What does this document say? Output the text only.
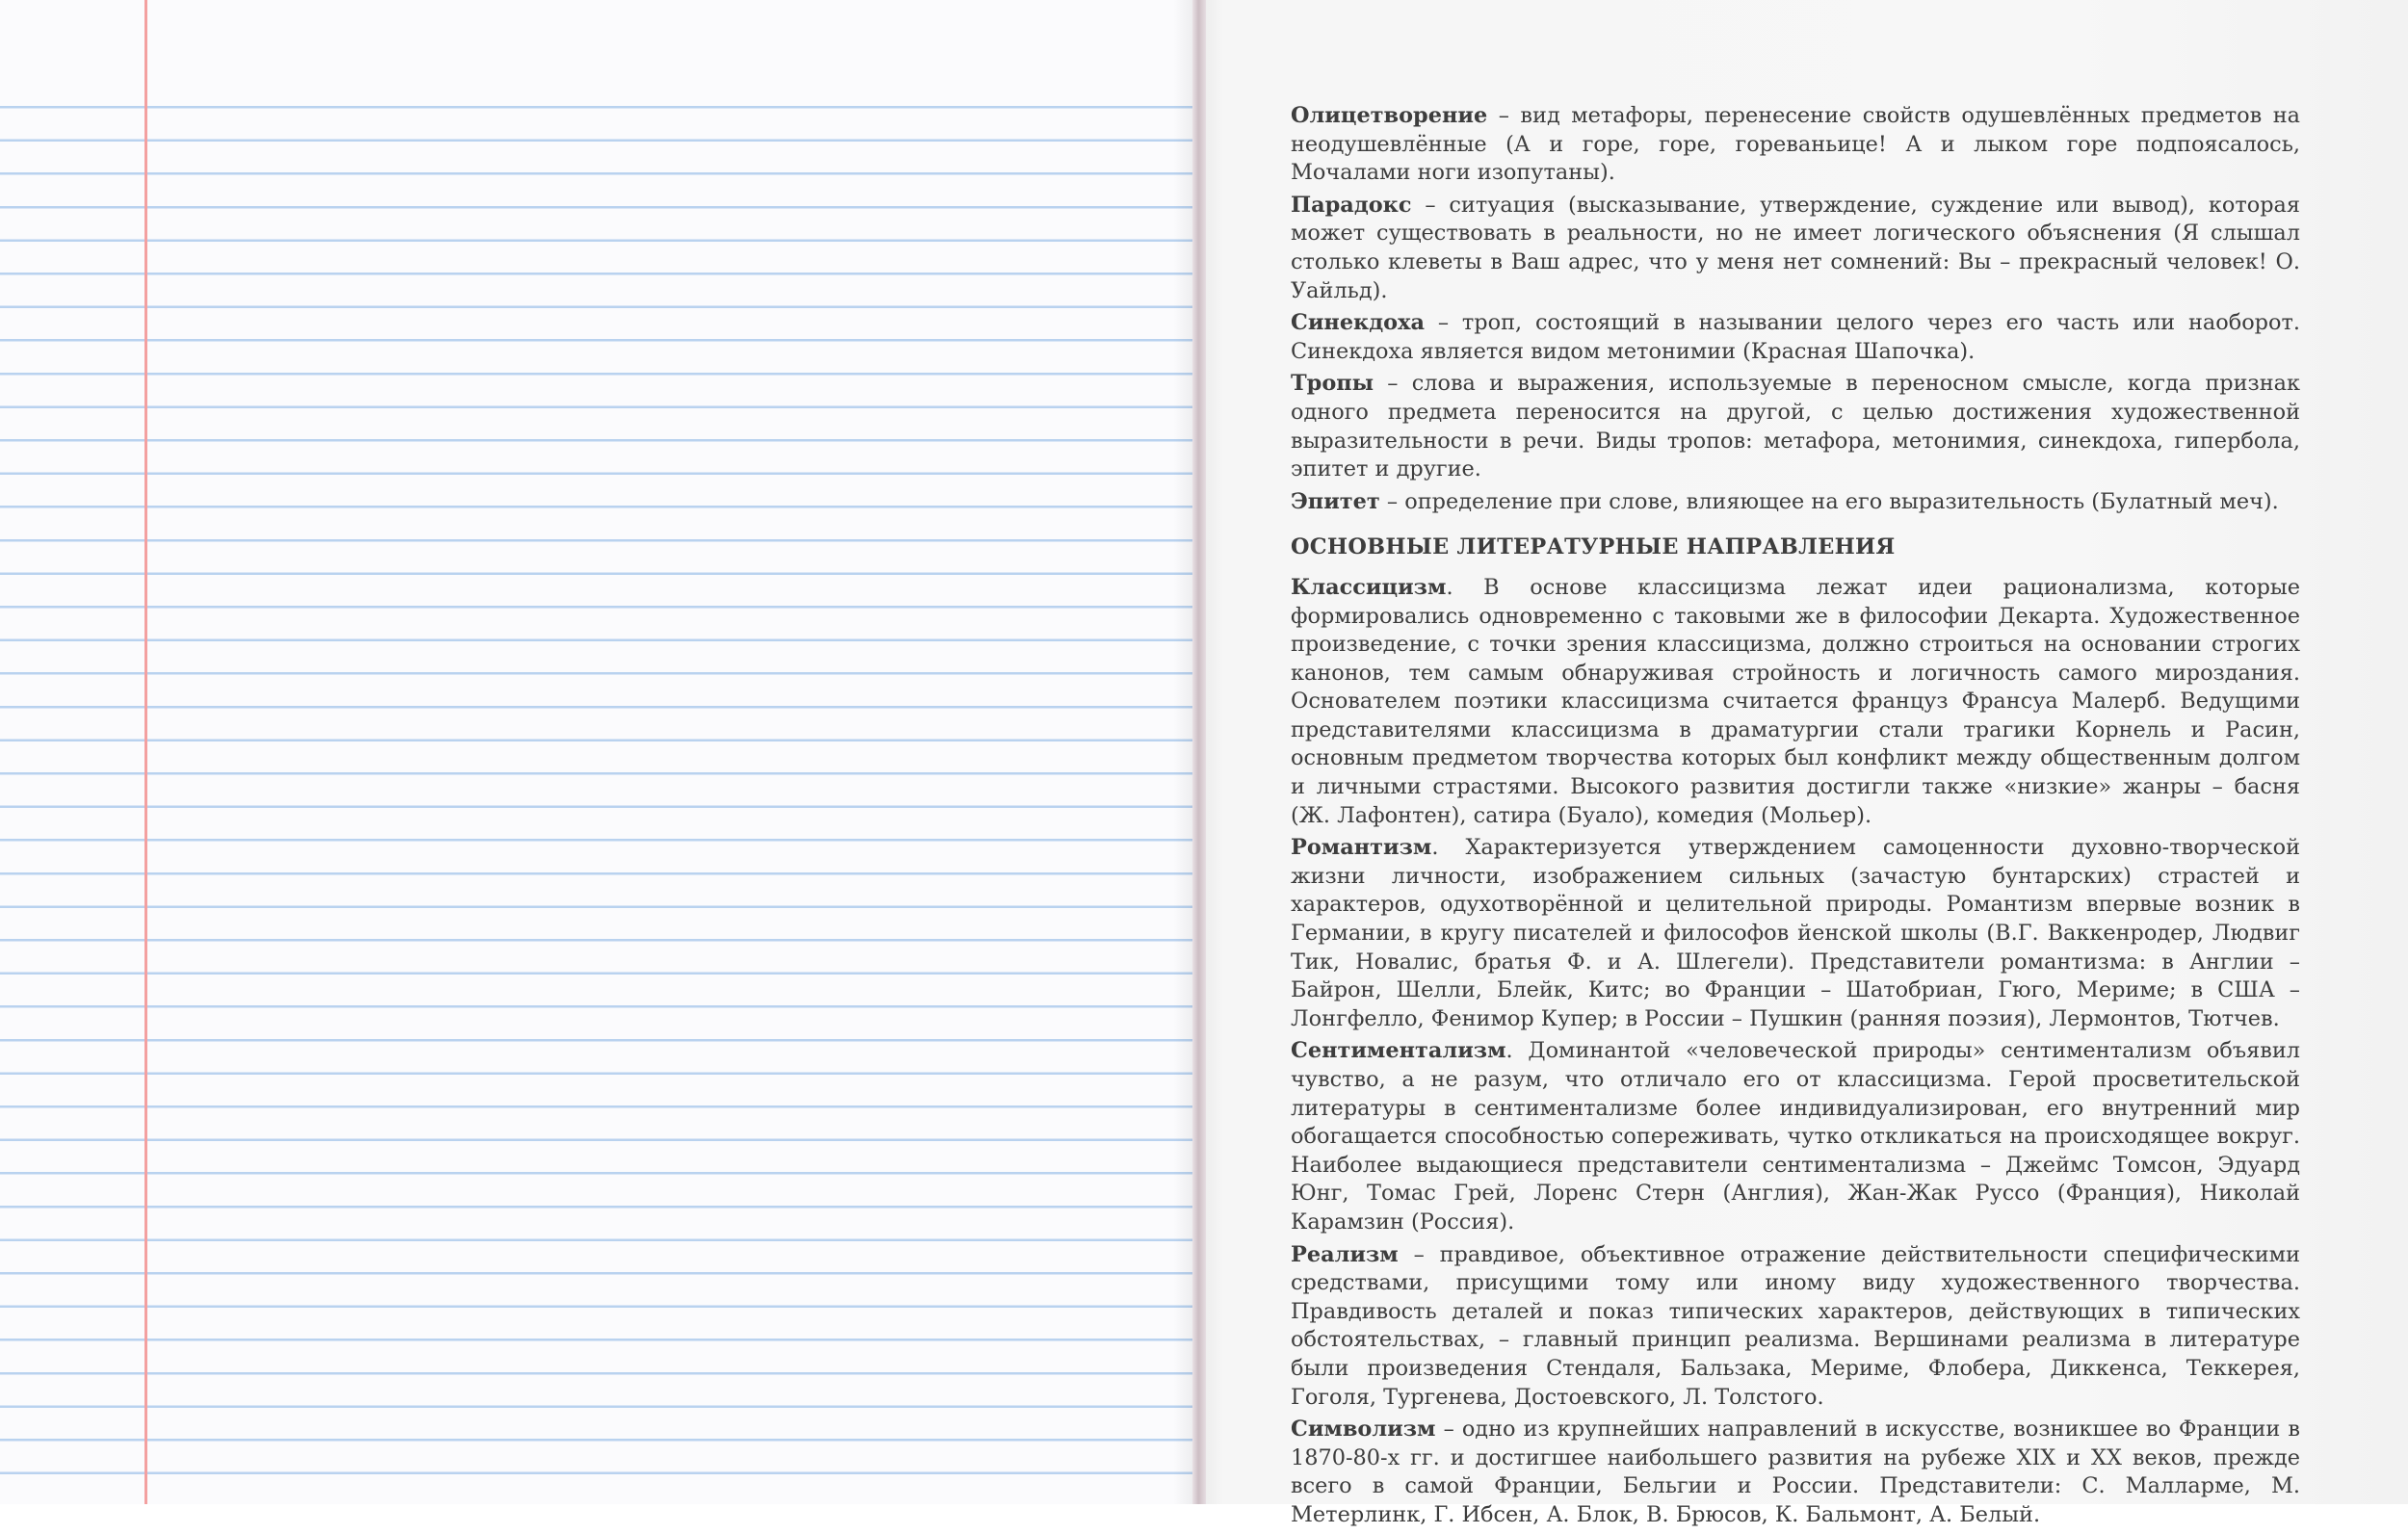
Олицетворение – вид метафоры, перенесение свойств одушевлённых предметов на неодушевлённые (А и горе, горе, гореваньице! А и лыком горе подпоясалось, Мочалами ноги изопутаны).

Парадокс – ситуация (высказывание, утверждение, суждение или вывод), которая может существовать в реальности, но не имеет логического объяснения (Я слышал столько клеветы в Ваш адрес, что у меня нет сомнений: Вы – прекрасный человек! О. Уайльд).

Синекдоха – троп, состоящий в назывании целого через его часть или наоборот. Синекдоха является видом метонимии (Красная Шапочка).

Тропы – слова и выражения, используемые в переносном смысле, когда признак одного предмета переносится на другой, с целью достижения художественной выразительности в речи. Виды тропов: метафора, метонимия, синекдоха, гипербола, эпитет и другие.

Эпитет – определение при слове, влияющее на его выразительность (Булатный меч).

ОСНОВНЫЕ ЛИТЕРАТУРНЫЕ НАПРАВЛЕНИЯ

Классицизм. В основе классицизма лежат идеи рационализма, которые формировались одновременно с таковыми же в философии Декарта. Художественное произведение, с точки зрения классицизма, должно строиться на основании строгих канонов, тем самым обнаруживая стройность и логичность самого мироздания. Основателем поэтики классицизма считается француз Франсуа Малерб. Ведущими представителями классицизма в драматургии стали трагики Корнель и Расин, основным предметом творчества которых был конфликт между общественным долгом и личными страстями. Высокого развития достигли также «низкие» жанры – басня (Ж. Лафонтен), сатира (Буало), комедия (Мольер).

Романтизм. Характеризуется утверждением самоценности духовно-творческой жизни личности, изображением сильных (зачастую бунтарских) страстей и характеров, одухотворённой и целительной природы. Романтизм впервые возник в Германии, в кругу писателей и философов йенской школы (В.Г. Ваккенродер, Людвиг Тик, Новалис, братья Ф. и А. Шлегели). Представители романтизма: в Англии – Байрон, Шелли, Блейк, Китс; во Франции – Шатобриан, Гюго, Мериме; в США – Лонгфелло, Фенимор Купер; в России – Пушкин (ранняя поэзия), Лермонтов, Тютчев.

Сентиментализм. Доминантой «человеческой природы» сентиментализм объявил чувство, а не разум, что отличало его от классицизма. Герой просветительской литературы в сентиментализме более индивидуализирован, его внутренний мир обогащается способностью сопереживать, чутко откликаться на происходящее вокруг. Наиболее выдающиеся представители сентиментализма – Джеймс Томсон, Эдуард Юнг, Томас Грей, Лоренс Стерн (Англия), Жан-Жак Руссо (Франция), Николай Карамзин (Россия).

Реализм – правдивое, объективное отражение действительности специфическими средствами, присущими тому или иному виду художественного творчества. Правдивость деталей и показ типических характеров, действующих в типических обстоятельствах, – главный принцип реализма. Вершинами реализма в литературе были произведения Стендаля, Бальзака, Мериме, Флобера, Диккенса, Теккерея, Гоголя, Тургенева, Достоевского, Л. Толстого.

Символизм – одно из крупнейших направлений в искусстве, возникшее во Франции в 1870-80-х гг. и достигшее наибольшего развития на рубеже XIX и XX веков, прежде всего в самой Франции, Бельгии и России. Представители: С. Малларме, М. Метерлинк, Г. Ибсен, А. Блок, В. Брюсов, К. Бальмонт, А. Белый.
